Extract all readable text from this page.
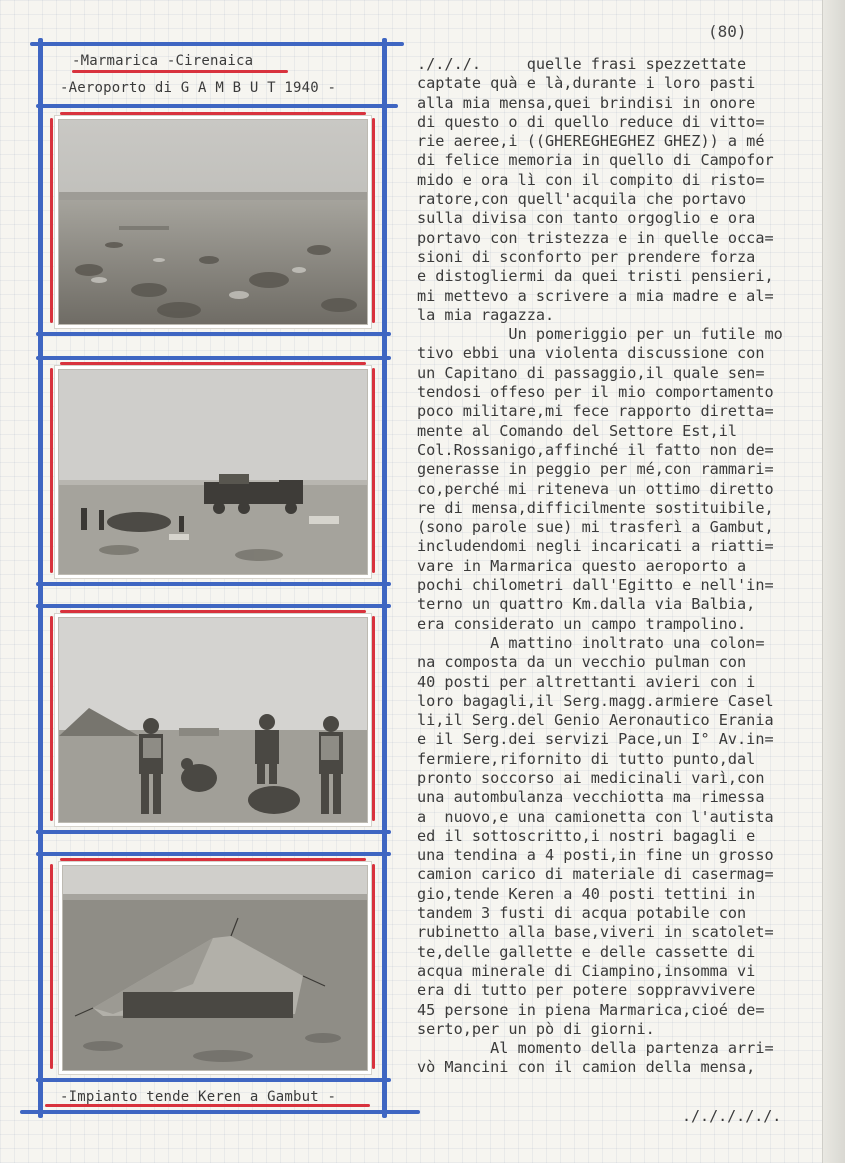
(80)
-Marmarica -Cirenaica
-Aeroporto di G A M B U T 1940 -
-Impianto tende Keren a Gambut -
./././.     quelle frasi spezzettate
captate quà e là,durante i loro pasti
alla mia mensa,quei brindisi in onore
di questo o di quello reduce di vitto=
rie aeree,i ((GHEREGHEGHEZ GHEZ)) a mé
di felice memoria in quello di Campofor
mido e ora lì con il compito di risto=
ratore,con quell'acquila che portavo
sulla divisa con tanto orgoglio e ora
portavo con tristezza e in quelle occa=
sioni di sconforto per prendere forza
e distogliermi da quei tristi pensieri,
mi mettevo a scrivere a mia madre e al=
la mia ragazza.
Un pomeriggio per un futile mo
tivo ebbi una violenta discussione con
un Capitano di passaggio,il quale sen=
tendosi offeso per il mio comportamento
poco militare,mi fece rapporto diretta=
mente al Comando del Settore Est,il
Col.Rossanigo,affinché il fatto non de=
generasse in peggio per mé,con rammari=
co,perché mi riteneva un ottimo diretto
re di mensa,difficilmente sostituibile,
(sono parole sue) mi trasferì a Gambut,
includendomi negli incaricati a riatti=
vare in Marmarica questo aeroporto a
pochi chilometri dall'Egitto e nell'in=
terno un quattro Km.dalla via Balbia,
era considerato un campo trampolino.
A mattino inoltrato una colon=
na composta da un vecchio pulman con
40 posti per altrettanti avieri con i
loro bagagli,il Serg.magg.armiere Casel
li,il Serg.del Genio Aeronautico Erania
e il Serg.dei servizi Pace,un I° Av.in=
fermiere,rifornito di tutto punto,dal
pronto soccorso ai medicinali varì,con
una autombulanza vecchiotta ma rimessa
a  nuovo,e una camionetta con l'autista
ed il sottoscritto,i nostri bagagli e
una tendina a 4 posti,in fine un grosso
camion carico di materiale di casermag=
gio,tende Keren a 40 posti tettini in
tandem 3 fusti di acqua potabile con
rubinetto alla base,viveri in scatolet=
te,delle gallette e delle cassette di
acqua minerale di Ciampino,insomma vi
era di tutto per potere soppravvivere
45 persone in piena Marmarica,cioé de=
serto,per un pò di giorni.
Al momento della partenza arri=
vò Mancini con il camion della mensa,
./././././.
